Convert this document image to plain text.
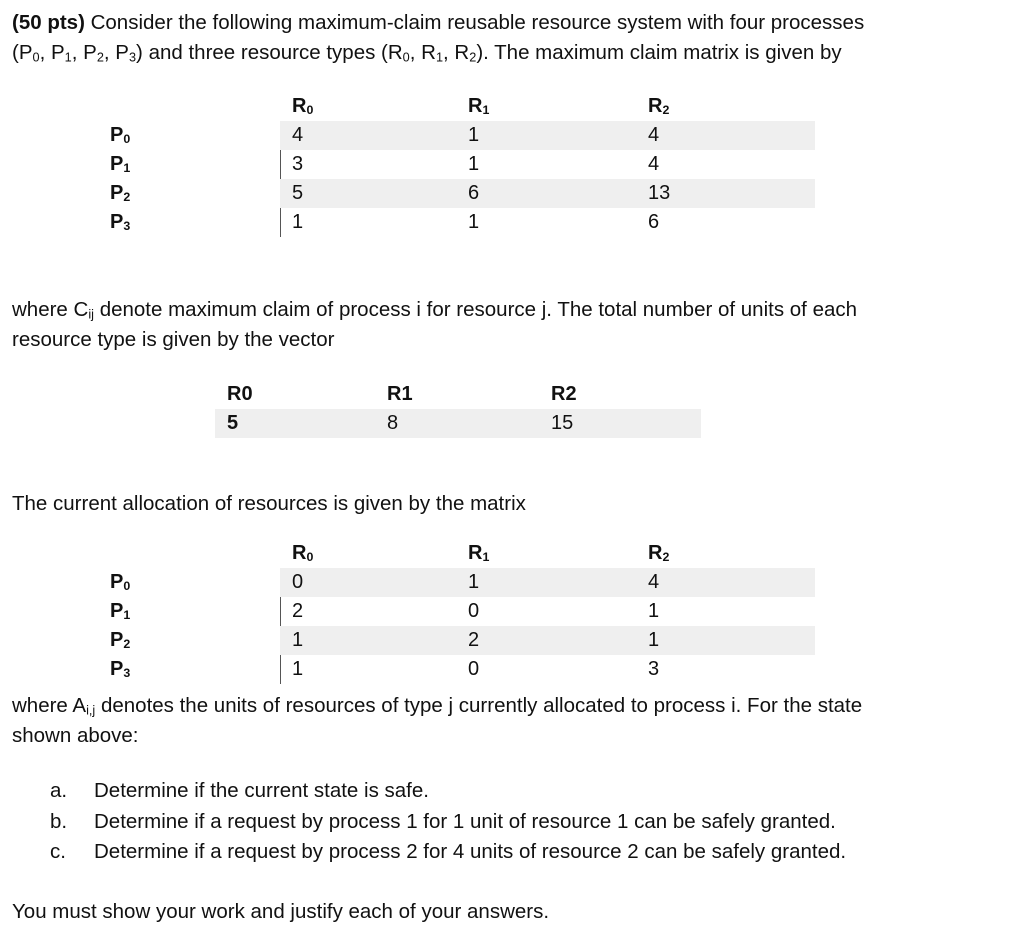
(50 pts) Consider the following maximum-claim reusable resource system with four processes
($P_0$, $P_1$, $P_2$, $P_3$) and three resource types ($R_0$, $R_1$, $R_2$). The maximum claim matrix is given by

$R_0$	$R_1$	$R_2$
$P_0$	4	1	4
$P_1$	3	1	4
$P_2$	5	6	13
$P_3$	1	1	6

where $C_{ij}$ denote maximum claim of process i for resource j. The total number of units of each
resource type is given by the vector

R0	R1	R2
5	8	15

The current allocation of resources is given by the matrix

$R_0$	$R_1$	$R_2$
$P_0$	0	1	4
$P_1$	2	0	1
$P_2$	1	2	1
$P_3$	1	0	3

where $A_{i,j}$ denotes the units of resources of type j currently allocated to process i. For the state
shown above:

a. Determine if the current state is safe.
b. Determine if a request by process 1 for 1 unit of resource 1 can be safely granted.
c. Determine if a request by process 2 for 4 units of resource 2 can be safely granted.

You must show your work and justify each of your answers.
